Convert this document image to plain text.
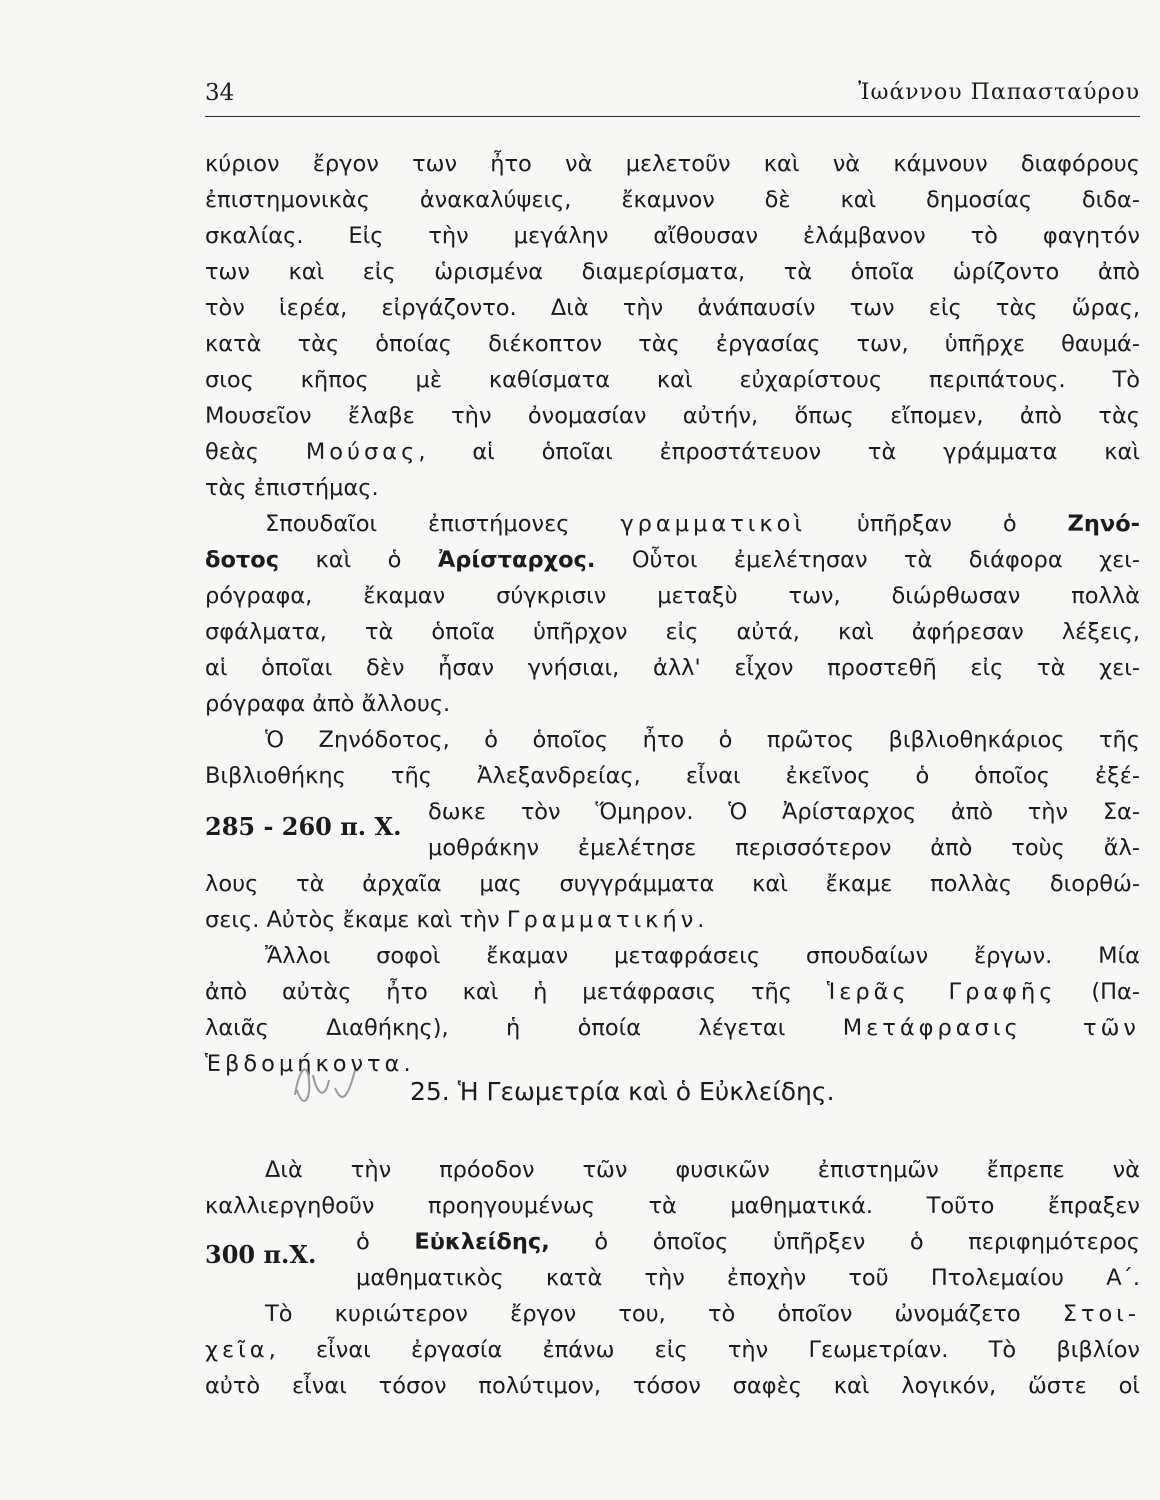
34	Ἰωάννου Παπασταύρου
κύριον ἔργον των ἦτο νὰ μελετοῦν καὶ νὰ κάμνουν διαφόρους
ἐπιστημονικὰς ἀνακαλύψεις, ἔκαμνον δὲ καὶ δημοσίας διδα-
σκαλίας. Εἰς τὴν μεγάλην αἴθουσαν ἐλάμβανον τὸ φαγητόν
των καὶ εἰς ὡρισμένα διαμερίσματα, τὰ ὁποῖα ὡρίζοντο ἀπὸ
τὸν ἱερέα, εἰργάζοντο. Διὰ τὴν ἀνάπαυσίν των εἰς τὰς ὥρας,
κατὰ τὰς ὁποίας διέκοπτον τὰς ἐργασίας των, ὑπῆρχε θαυμά-
σιος κῆπος μὲ καθίσματα καὶ εὐχαρίστους περιπάτους. Τὸ
Μουσεῖον ἔλαβε τὴν ὀνομασίαν αὐτήν, ὅπως εἴπομεν, ἀπὸ τὰς
θεὰς Μούσας, αἱ ὁποῖαι ἐπροστάτευον τὰ γράμματα καὶ
τὰς ἐπιστήμας.
Σπουδαῖοι ἐπιστήμονες γραμματικοὶ ὑπῆρξαν ὁ Ζηνό-
δοτος καὶ ὁ Ἀρίσταρχος. Οὗτοι ἐμελέτησαν τὰ διάφορα χει-
ρόγραφα, ἔκαμαν σύγκρισιν μεταξὺ των, διώρθωσαν πολλὰ
σφάλματα, τὰ ὁποῖα ὑπῆρχον εἰς αὐτά, καὶ ἀφήρεσαν λέξεις,
αἱ ὁποῖαι δὲν ἦσαν γνήσιαι, ἀλλ' εἶχον προστεθῆ εἰς τὰ χει-
ρόγραφα ἀπὸ ἄλλους.
Ὁ Ζηνόδοτος, ὁ ὁποῖος ἦτο ὁ πρῶτος βιβλιοθηκάριος τῆς
Βιβλιοθήκης τῆς Ἀλεξανδρείας, εἶναι ἐκεῖνος ὁ ὁποῖος ἐξέ-
285 - 260 π. Χ. δωκε τὸν Ὅμηρον. Ὁ Ἀρίσταρχος ἀπὸ τὴν Σα-
μοθράκην ἐμελέτησε περισσότερον ἀπὸ τοὺς ἄλ-
λους τὰ ἀρχαῖα μας συγγράμματα καὶ ἔκαμε πολλὰς διορθώ-
σεις. Αὐτὸς ἔκαμε καὶ τὴν Γραμματικήν.
Ἄλλοι σοφοὶ ἔκαμαν μεταφράσεις σπουδαίων ἔργων. Μία
ἀπὸ αὐτὰς ἦτο καὶ ἡ μετάφρασις τῆς Ἱερᾶς Γραφῆς (Πα-
λαιᾶς Διαθήκης), ἡ ὁποία λέγεται Μετάφρασις τῶν
Ἑβδομήκοντα.
25. Ἡ Γεωμετρία καὶ ὁ Εὐκλείδης.
Διὰ τὴν πρόοδον τῶν φυσικῶν ἐπιστημῶν ἔπρεπε νὰ
καλλιεργηθοῦν προηγουμένως τὰ μαθηματικά. Τοῦτο ἔπραξεν
300 π.Χ. ὁ Εὐκλείδης, ὁ ὁποῖος ὑπῆρξεν ὁ περιφημότερος
μαθηματικὸς κατὰ τὴν ἐποχὴν τοῦ Πτολεμαίου Α΄.
Τὸ κυριώτερον ἔργον του, τὸ ὁποῖον ὠνομάζετο Στοι-
χεῖα, εἶναι ἐργασία ἐπάνω εἰς τὴν Γεωμετρίαν. Τὸ βιβλίον
αὐτὸ εἶναι τόσον πολύτιμον, τόσον σαφὲς καὶ λογικόν, ὥστε οἱ
